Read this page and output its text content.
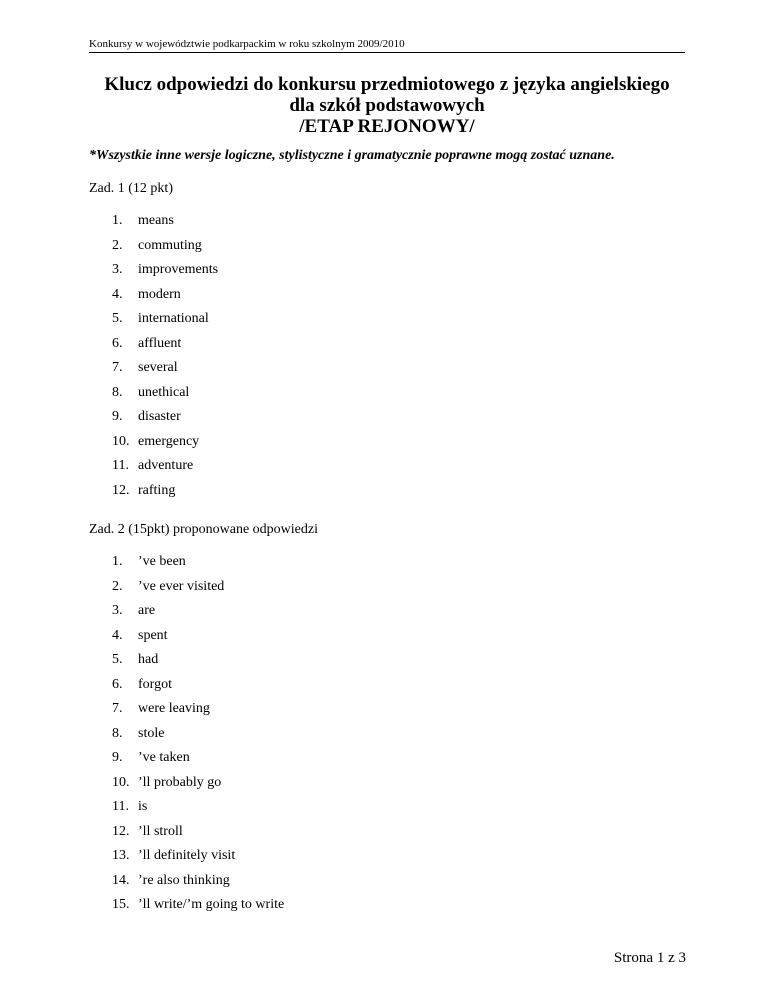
Konkursy w województwie podkarpackim w roku szkolnym 2009/2010
Klucz odpowiedzi do konkursu przedmiotowego z języka angielskiego
dla szkół podstawowych
/ETAP REJONOWY/
*Wszystkie inne wersje logiczne, stylistyczne i gramatycznie poprawne mogą zostać uznane.
Zad. 1 (12 pkt)
1. means
2. commuting
3. improvements
4. modern
5. international
6. affluent
7. several
8. unethical
9. disaster
10. emergency
11. adventure
12. rafting
Zad. 2 (15pkt) proponowane odpowiedzi
1. ’ve been
2. ’ve ever visited
3. are
4. spent
5. had
6. forgot
7. were leaving
8. stole
9. ’ve taken
10. ’ll probably go
11. is
12. ’ll stroll
13. ’ll definitely visit
14. ’re also thinking
15. ’ll write/’m going to write
Strona 1 z 3
